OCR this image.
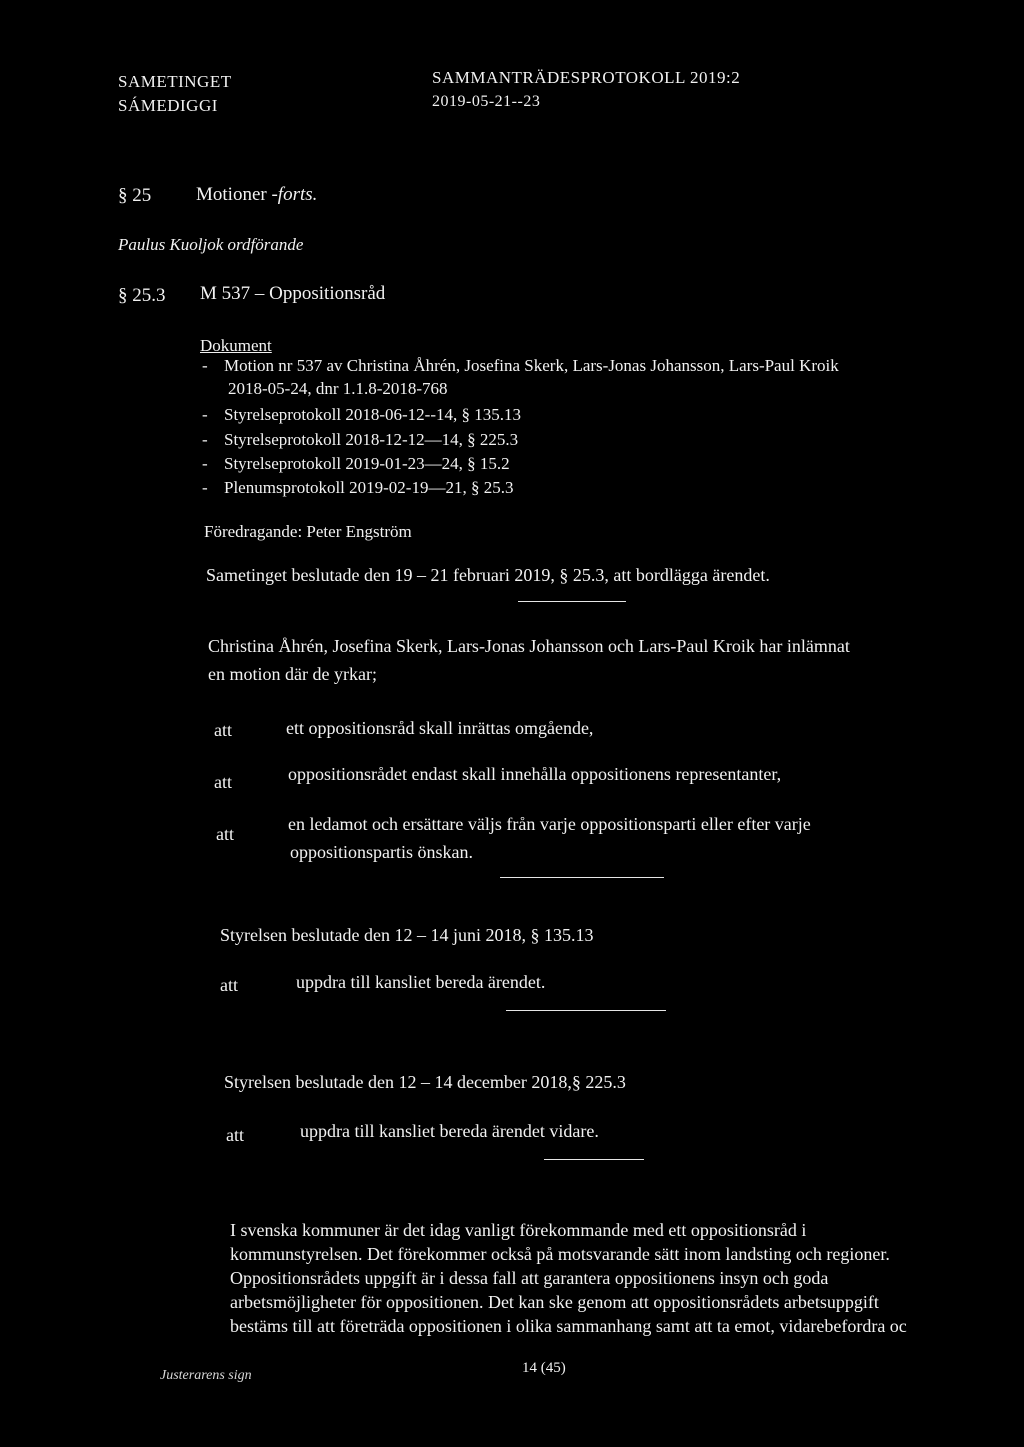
SAMETINGET
SÁMEDIGGI
SAMMANTRÄDESPROTOKOLL 2019:2
2019-05-21--23
§ 25 Motioner -forts.
Paulus Kuoljok ordförande
§ 25.3 M 537 – Oppositionsråd
Dokument
- Motion nr 537 av Christina Åhrén, Josefina Skerk, Lars-Jonas Johansson, Lars-Paul Kroik
2018-05-24, dnr 1.1.8-2018-768
- Styrelseprotokoll 2018-06-12--14, § 135.13
- Styrelseprotokoll 2018-12-12—14, § 225.3
- Styrelseprotokoll 2019-01-23—24, § 15.2
- Plenumsprotokoll 2019-02-19—21, § 25.3
Föredragande: Peter Engström
Sametinget beslutade den 19 – 21 februari 2019, § 25.3, att bordlägga ärendet.
Christina Åhrén, Josefina Skerk, Lars-Jonas Johansson och Lars-Paul Kroik har inlämnat
en motion där de yrkar;
att	ett oppositionsråd skall inrättas omgående,
att	oppositionsrådet endast skall innehålla oppositionens representanter,
att	en ledamot och ersättare väljs från varje oppositionsparti eller efter varje
oppositionspartis önskan.
Styrelsen beslutade den 12 – 14 juni 2018, § 135.13
att	uppdra till kansliet bereda ärendet.
Styrelsen beslutade den 12 – 14 december 2018,§ 225.3
att	uppdra till kansliet bereda ärendet vidare.
I svenska kommuner är det idag vanligt förekommande med ett oppositionsråd i
kommunstyrelsen. Det förekommer också på motsvarande sätt inom landsting och regioner.
Oppositionsrådets uppgift är i dessa fall att garantera oppositionens insyn och goda
arbetsmöjligheter för oppositionen. Det kan ske genom att oppositionsrådets arbetsuppgift
bestäms till att företräda oppositionen i olika sammanhang samt att ta emot, vidarebefordra oc
Justerarens sign	14 (45)
